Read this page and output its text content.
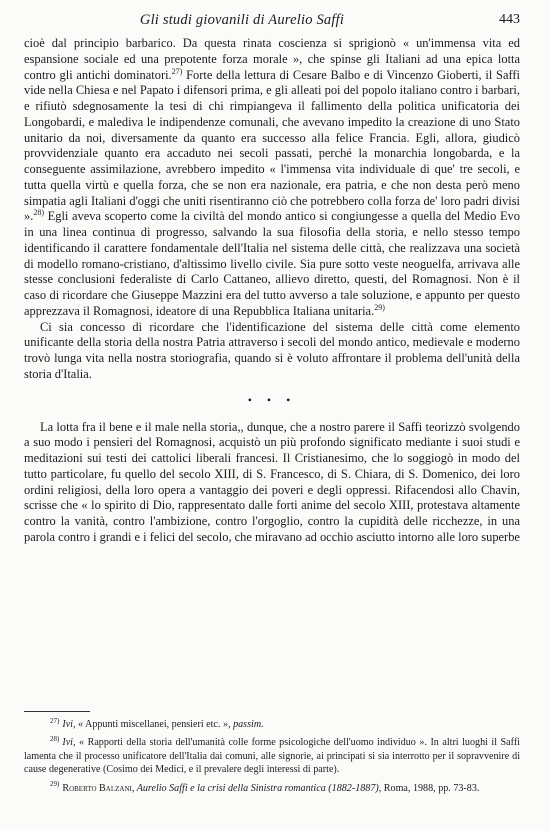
Gli studi giovanili di Aurelio Saffi	443

cioè dal principio barbarico. Da questa rinata coscienza si sprigionò « un'immensa vita ed espansione sociale ed una prepotente forza morale », che spinse gli Italiani ad una epica lotta contro gli antichi dominatori.$^{27)}$ Forte della lettura di Cesare Balbo e di Vincenzo Gioberti, il Saffi vide nella Chiesa e nel Papato i difensori prima, e gli alleati poi del popolo italiano contro i barbari, e rifiutò sdegnosamente la tesi di chi rimpiangeva il fallimento della politica unificatoria dei Longobardi, e malediva le indipendenze comunali, che avevano impedito la creazione di uno Stato unitario da noi, diversamente da quanto era successo alla felice Francia. Egli, allora, giudicò provvidenziale quanto era accaduto nei secoli passati, perché la monarchia longobarda, e la conseguente assimilazione, avrebbero impedito « l'immensa vita individuale di que' tre secoli, e tutta quella virtù e quella forza, che se non era nazionale, era patria, e che non desta però meno simpatia agli Italiani d'oggi che uniti risentiranno ciò che potrebbero colla forza de' loro padri divisi ».$^{28)}$ Egli aveva scoperto come la civiltà del mondo antico si congiungesse a quella del Medio Evo in una linea continua di progresso, salvando la sua filosofia della storia, e nello stesso tempo identificando il carattere fondamentale dell'Italia nel sistema delle città, che realizzava una società di modello romano-cristiano, d'altissimo livello civile. Sia pure sotto veste neoguelfa, arrivava alle stesse conclusioni federaliste di Carlo Cattaneo, allievo diretto, questi, del Romagnosi. Non è il caso di ricordare che Giuseppe Mazzini era del tutto avverso a tale soluzione, e appunto per questo apprezzava il Romagnosi, ideatore di una Repubblica Italiana unitaria.$^{29)}$

Ci sia concesso di ricordare che l'identificazione del sistema delle città come elemento unificante della storia della nostra Patria attraverso i secoli del mondo antico, medievale e moderno trovò lunga vita nella nostra storiografia, quando si è voluto affrontare il problema dell'unità della storia d'Italia.

• • •

La lotta fra il bene e il male nella storia,, dunque, che a nostro parere il Saffi teorizzò svolgendo a suo modo i pensieri del Romagnosi, acquistò un più profondo significato mediante i suoi studi e meditazioni sui testi dei cattolici liberali francesi. Il Cristianesimo, che lo soggiogò in modo del tutto particolare, fu quello del secolo XIII, di S. Francesco, di S. Chiara, di S. Domenico, dei loro ordini religiosi, della loro opera a vantaggio dei poveri e degli oppressi. Rifacendosi allo Chavin, scrisse che « lo spirito di Dio, rappresentato dalle forti anime del secolo XIII, protestava altamente contro la vanità, contro l'ambizione, contro l'orgoglio, contro la cupidità delle ricchezze, in una parola contro i grandi e i felici del secolo, che miravano ad occhio asciutto intorno alle loro superbe

$^{27)}$ Ivi, « Appunti miscellanei, pensieri etc. », passim.

$^{28)}$ Ivi, « Rapporti della storia dell'umanità colle forme psicologiche dell'uomo individuo ». In altri luoghi il Saffi lamenta che il processo unificatore dell'Italia dai comuni, alle signorie, ai principati si sia interrotto per il sopravvenire di cause degenerative (Cosimo dei Medici, e il prevalere degli interessi di parte).

$^{29)}$ Roberto Balzani, Aurelio Saffi e la crisi della Sinistra romantica (1882-1887), Roma, 1988, pp. 73-83.
